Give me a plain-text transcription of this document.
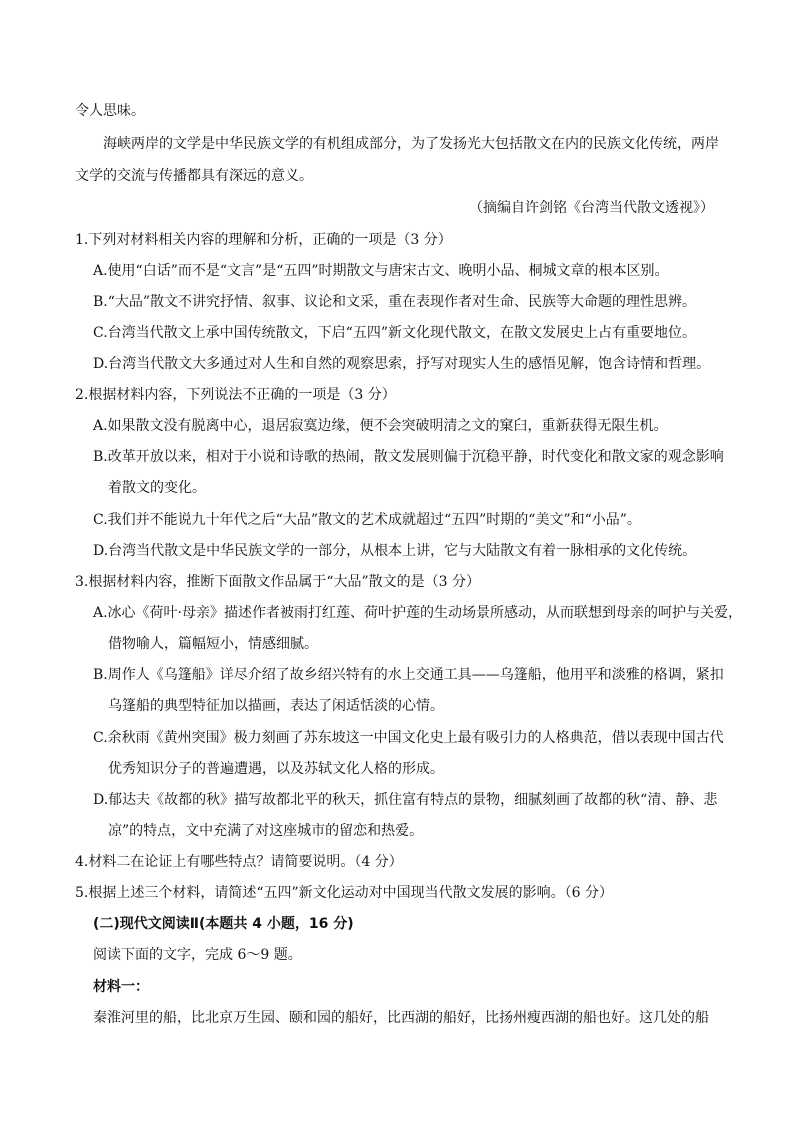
令人思味。
海峡两岸的文学是中华民族文学的有机组成部分，为了发扬光大包括散文在内的民族文化传统，两岸
文学的交流与传播都具有深远的意义。
（摘编自许剑铭《台湾当代散文透视》）
1.下列对材料相关内容的理解和分析，正确的一项是（3 分）
A.使用“白话”而不是“文言”是“五四”时期散文与唐宋古文、晚明小品、桐城文章的根本区别。
B.“大品”散文不讲究抒情、叙事、议论和文采，重在表现作者对生命、民族等大命题的理性思辨。
C.台湾当代散文上承中国传统散文，下启“五四”新文化现代散文，在散文发展史上占有重要地位。
D.台湾当代散文大多通过对人生和自然的观察思索，抒写对现实人生的感悟见解，饱含诗情和哲理。
2.根据材料内容，下列说法不正确的一项是（3 分）
A.如果散文没有脱离中心，退居寂寞边缘，便不会突破明清之文的窠臼，重新获得无限生机。
B.改革开放以来，相对于小说和诗歌的热闹，散文发展则偏于沉稳平静，时代变化和散文家的观念影响
着散文的变化。
C.我们并不能说九十年代之后“大品”散文的艺术成就超过“五四”时期的“美文”和“小品”。
D.台湾当代散文是中华民族文学的一部分，从根本上讲，它与大陆散文有着一脉相承的文化传统。
3.根据材料内容，推断下面散文作品属于“大品”散文的是（3 分）
A.冰心《荷叶·母亲》描述作者被雨打红莲、荷叶护莲的生动场景所感动，从而联想到母亲的呵护与关爱，
借物喻人，篇幅短小，情感细腻。
B.周作人《乌篷船》详尽介绍了故乡绍兴特有的水上交通工具——乌篷船，他用平和淡雅的格调，紧扣
乌篷船的典型特征加以描画，表达了闲适恬淡的心情。
C.余秋雨《黄州突围》极力刻画了苏东坡这一中国文化史上最有吸引力的人格典范，借以表现中国古代
优秀知识分子的普遍遭遇，以及苏轼文化人格的形成。
D.郁达夫《故都的秋》描写故都北平的秋天，抓住富有特点的景物，细腻刻画了故都的秋“清、静、悲
凉”的特点，文中充满了对这座城市的留恋和热爱。
4.材料二在论证上有哪些特点？请简要说明。（4 分）
5.根据上述三个材料，请简述“五四”新文化运动对中国现当代散文发展的影响。（6 分）
(二)现代文阅读Ⅱ(本题共 4 小题，16 分)
阅读下面的文字，完成 6～9 题。
材料一：
秦淮河里的船，比北京万生园、颐和园的船好，比西湖的船好，比扬州瘦西湖的船也好。这几处的船
